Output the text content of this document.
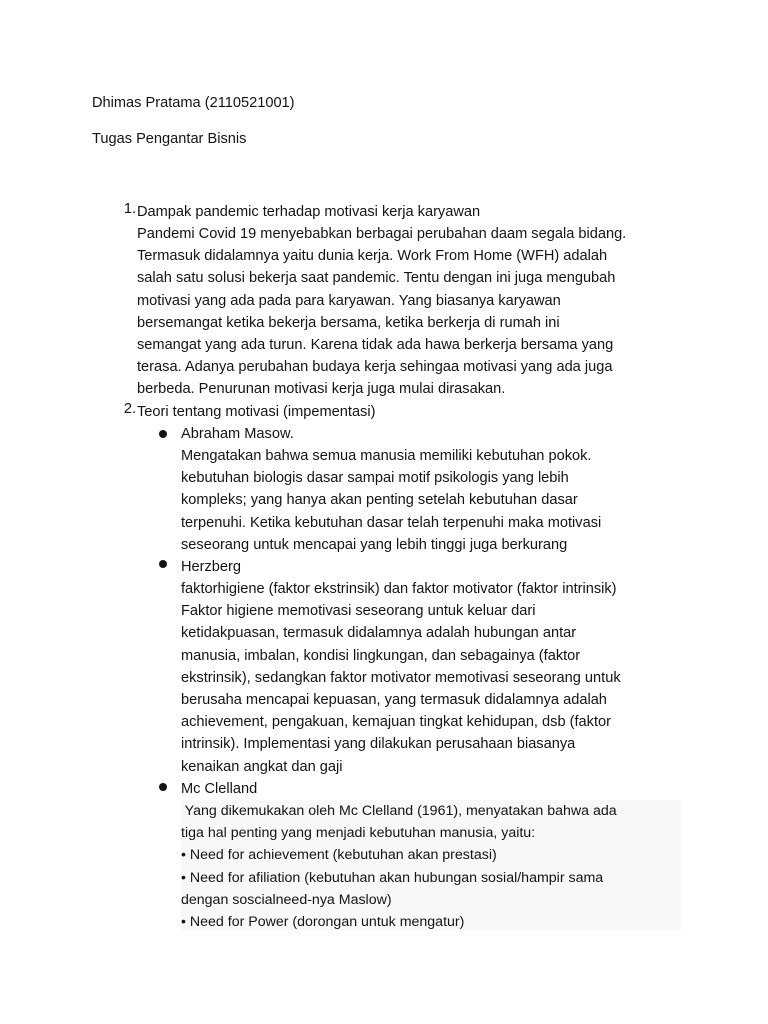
Dhimas Pratama (2110521001)
Tugas Pengantar Bisnis
1. Dampak pandemic terhadap motivasi kerja karyawan
Pandemi Covid 19 menyebabkan berbagai perubahan daam segala bidang.
Termasuk didalamnya yaitu dunia kerja. Work From Home (WFH) adalah
salah satu solusi bekerja saat pandemic. Tentu dengan ini juga mengubah
motivasi yang ada pada para karyawan. Yang biasanya karyawan
bersemangat ketika bekerja bersama, ketika berkerja di rumah ini
semangat yang ada turun. Karena tidak ada hawa berkerja bersama yang
terasa. Adanya perubahan budaya kerja sehingaa motivasi yang ada juga
berbeda. Penurunan motivasi kerja juga mulai dirasakan.
2. Teori tentang motivasi (impementasi)
Abraham Masow.
Mengatakan bahwa semua manusia memiliki kebutuhan pokok.
kebutuhan biologis dasar sampai motif psikologis yang lebih
kompleks; yang hanya akan penting setelah kebutuhan dasar
terpenuhi. Ketika kebutuhan dasar telah terpenuhi maka motivasi
seseorang untuk mencapai yang lebih tinggi juga berkurang
Herzberg
faktorhigiene (faktor ekstrinsik) dan faktor motivator (faktor intrinsik)
Faktor higiene memotivasi seseorang untuk keluar dari
ketidakpuasan, termasuk didalamnya adalah hubungan antar
manusia, imbalan, kondisi lingkungan, dan sebagainya (faktor
ekstrinsik), sedangkan faktor motivator memotivasi seseorang untuk
berusaha mencapai kepuasan, yang termasuk didalamnya adalah
achievement, pengakuan, kemajuan tingkat kehidupan, dsb (faktor
intrinsik). Implementasi yang dilakukan perusahaan biasanya
kenaikan angkat dan gaji
Mc Clelland
Yang dikemukakan oleh Mc Clelland (1961), menyatakan bahwa ada
tiga hal penting yang menjadi kebutuhan manusia, yaitu:
• Need for achievement (kebutuhan akan prestasi)
• Need for afiliation (kebutuhan akan hubungan sosial/hampir sama
dengan soscialneed-nya Maslow)
• Need for Power (dorongan untuk mengatur)
